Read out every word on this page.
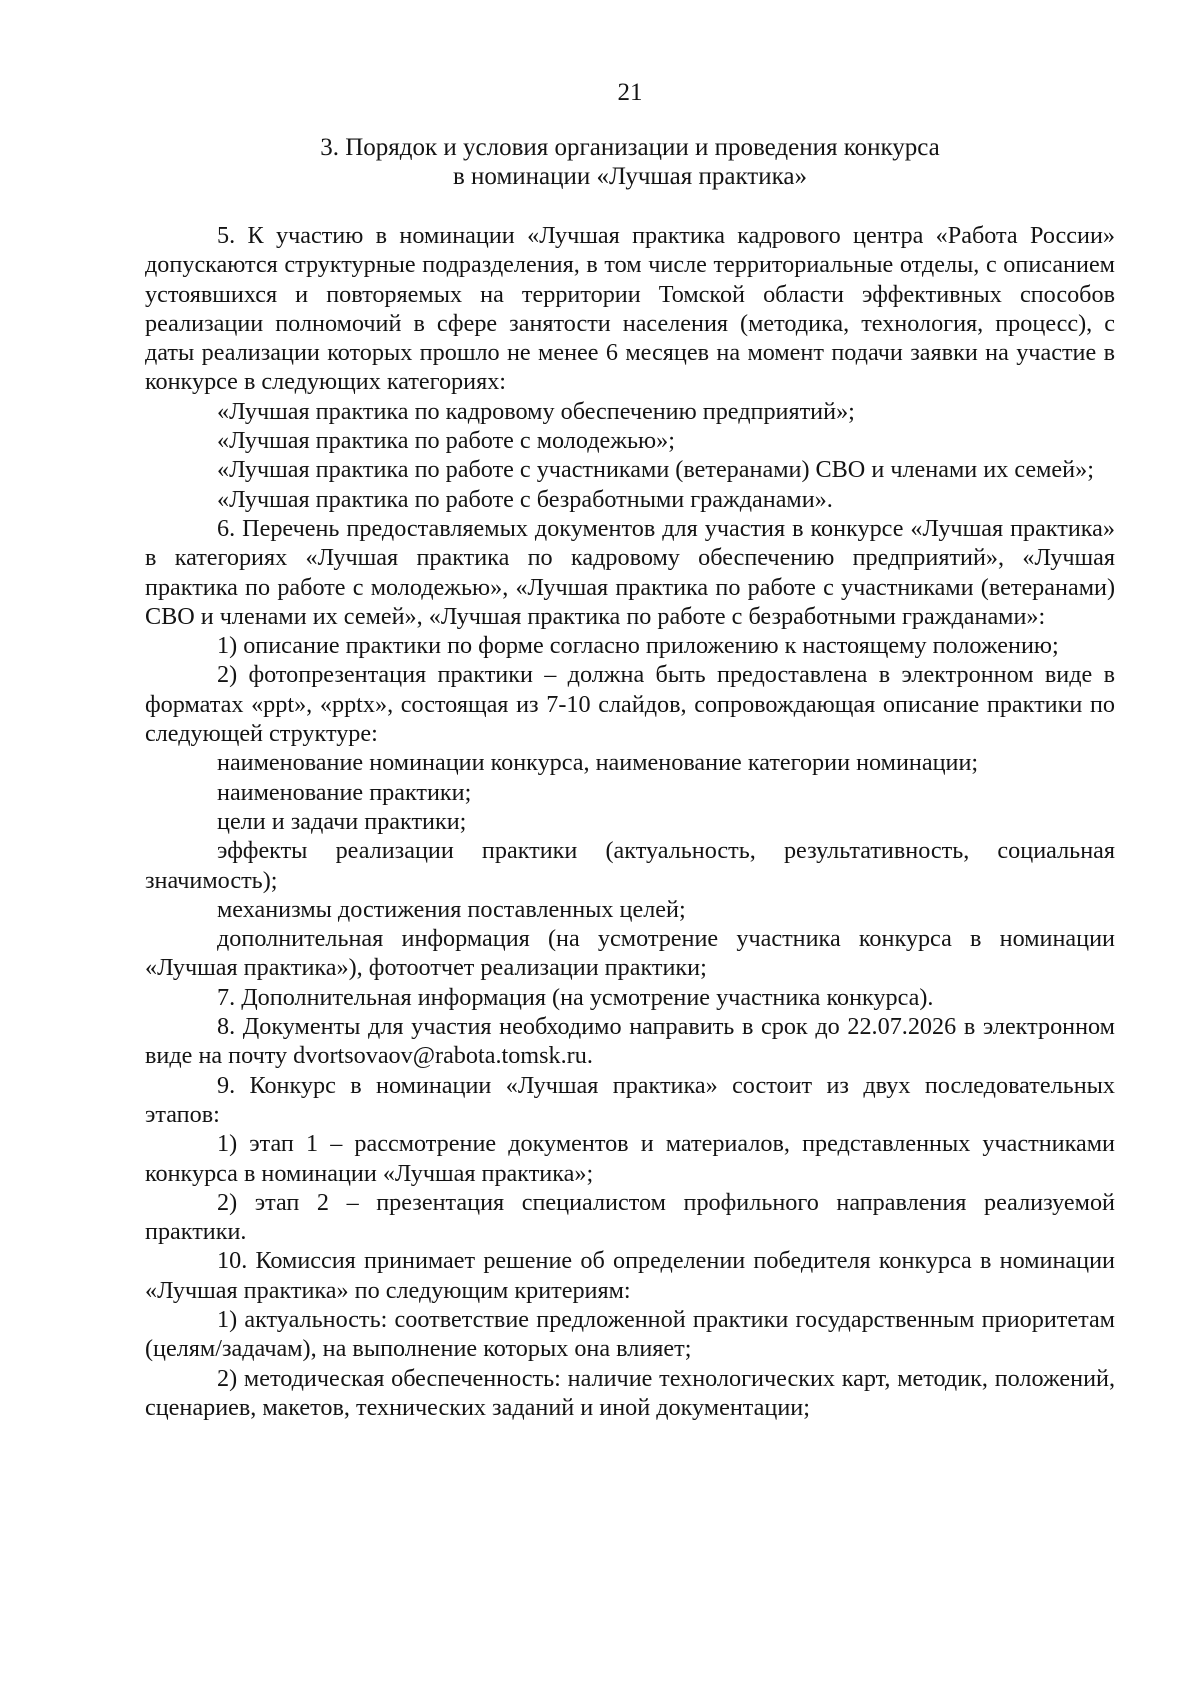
21
3. Порядок и условия организации и проведения конкурса
в номинации «Лучшая практика»

5. К участию в номинации «Лучшая практика кадрового центра «Работа России» допускаются структурные подразделения, в том числе территориальные отделы, с описанием устоявшихся и повторяемых на территории Томской области эффективных способов реализации полномочий в сфере занятости населения (методика, технология, процесс), с даты реализации которых прошло не менее 6 месяцев на момент подачи заявки на участие в конкурсе в следующих категориях:

«Лучшая практика по кадровому обеспечению предприятий»;

«Лучшая практика по работе с молодежью»;

«Лучшая практика по работе с участниками (ветеранами) СВО и членами их семей»;

«Лучшая практика по работе с безработными гражданами».

6. Перечень предоставляемых документов для участия в конкурсе «Лучшая практика» в категориях «Лучшая практика по кадровому обеспечению предприятий», «Лучшая практика по работе с молодежью», «Лучшая практика по работе с участниками (ветеранами) СВО и членами их семей», «Лучшая практика по работе с безработными гражданами»:

1) описание практики по форме согласно приложению к настоящему положению;

2) фотопрезентация практики – должна быть предоставлена в электронном виде в форматах «ppt», «pptx», состоящая из 7-10 слайдов, сопровождающая описание практики по следующей структуре:

наименование номинации конкурса, наименование категории номинации;

наименование практики;

цели и задачи практики;

эффекты реализации практики (актуальность, результативность, социальная значимость);

механизмы достижения поставленных целей;

дополнительная информация (на усмотрение участника конкурса в номинации «Лучшая практика»), фотоотчет реализации практики;

7. Дополнительная информация (на усмотрение участника конкурса).

8. Документы для участия необходимо направить в срок до 22.07.2026 в электронном виде на почту dvortsovaov@rabota.tomsk.ru.

9. Конкурс в номинации «Лучшая практика» состоит из двух последовательных этапов:

1) этап 1 – рассмотрение документов и материалов, представленных участниками конкурса в номинации «Лучшая практика»;

2) этап 2 – презентация специалистом профильного направления реализуемой практики.

10. Комиссия принимает решение об определении победителя конкурса в номинации «Лучшая практика» по следующим критериям:

1) актуальность: соответствие предложенной практики государственным приоритетам (целям/задачам), на выполнение которых она влияет;

2) методическая обеспеченность: наличие технологических карт, методик, положений, сценариев, макетов, технических заданий и иной документации;
